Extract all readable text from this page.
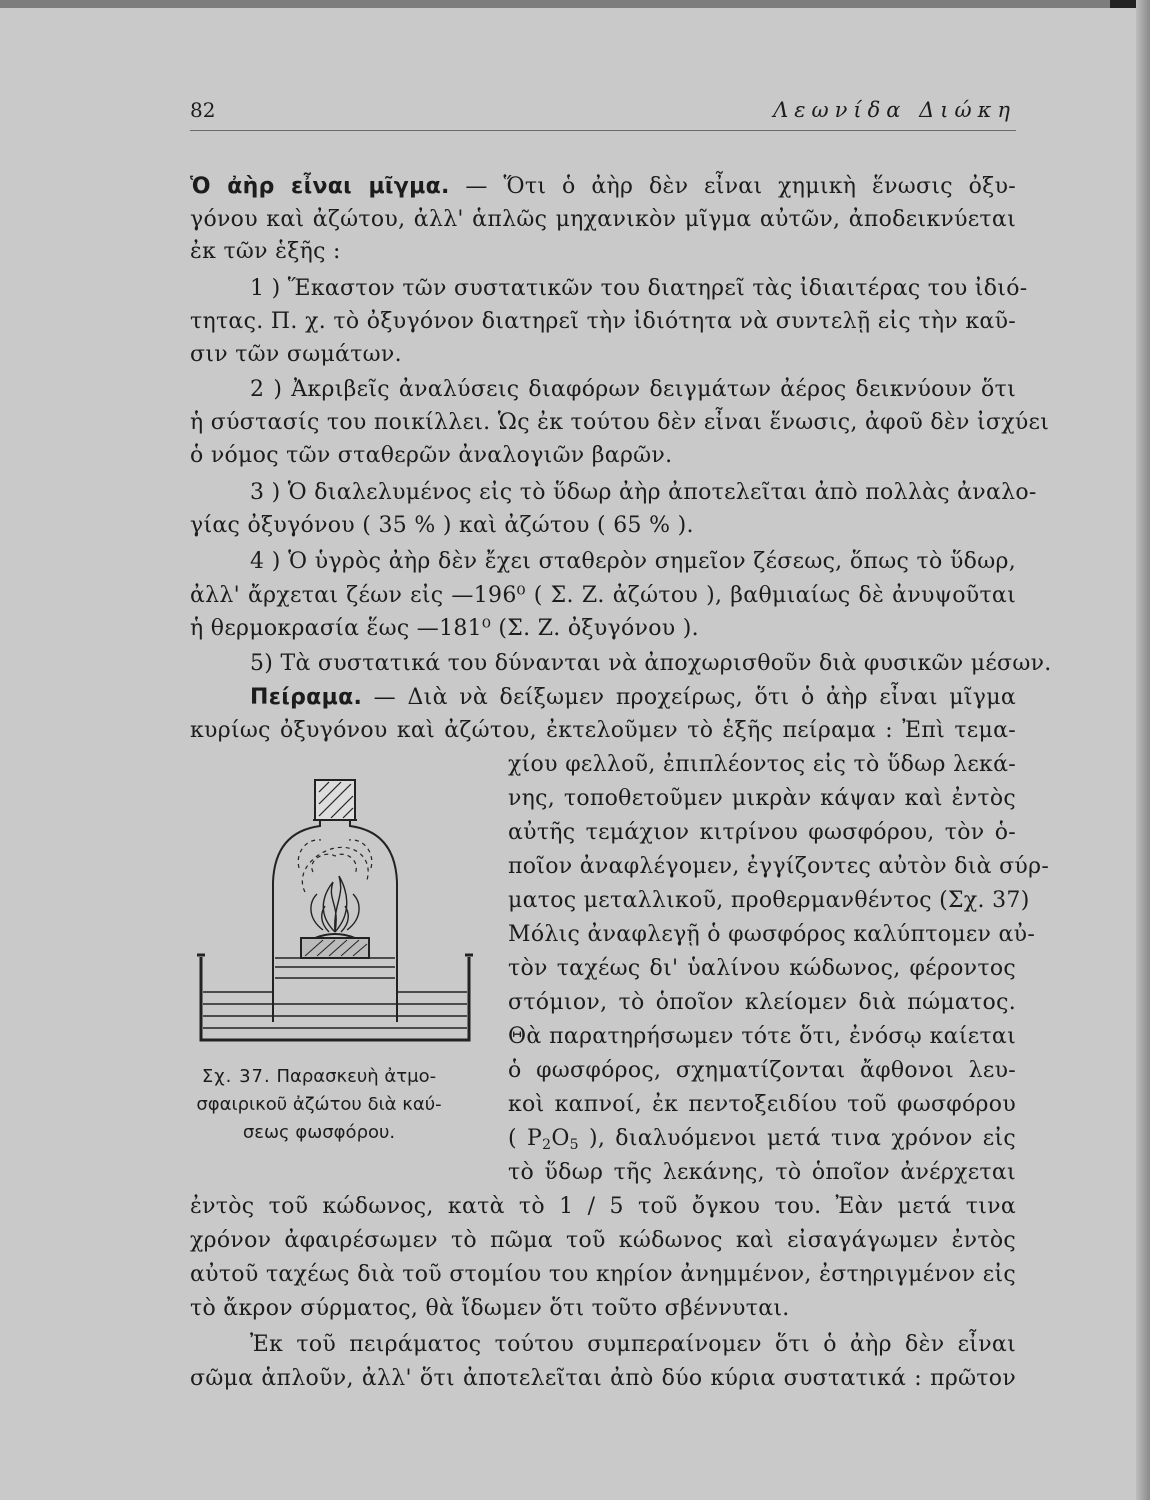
82	Λεωνίδα Διώκη
Ὁ ἀὴρ εἶναι μῖγμα. — Ὅτι ὁ ἀὴρ δὲν εἶναι χημικὴ ἕνωσις ὀξυ-
γόνου καὶ ἀζώτου, ἀλλ' ἁπλῶς μηχανικὸν μῖγμα αὐτῶν, ἀποδεικνύεται
ἐκ τῶν ἑξῆς :
1 ) Ἕκαστον τῶν συστατικῶν του διατηρεῖ τὰς ἰδιαιτέρας του ἰδιό-
τητας. Π. χ. τὸ ὀξυγόνον διατηρεῖ τὴν ἰδιότητα νὰ συντελῇ εἰς τὴν καῦ-
σιν τῶν σωμάτων.
2 ) Ἀκριβεῖς ἀναλύσεις διαφόρων δειγμάτων ἀέρος δεικνύουν ὅτι
ἡ σύστασίς του ποικίλλει. Ὡς ἐκ τούτου δὲν εἶναι ἕνωσις, ἀφοῦ δὲν ἰσχύει
ὁ νόμος τῶν σταθερῶν ἀναλογιῶν βαρῶν.
3 ) Ὁ διαλελυμένος εἰς τὸ ὕδωρ ἀὴρ ἀποτελεῖται ἀπὸ πολλὰς ἀναλο-
γίας ὀξυγόνου ( 35 % ) καὶ ἀζώτου ( 65 % ).
4 ) Ὁ ὑγρὸς ἀὴρ δὲν ἔχει σταθερὸν σημεῖον ζέσεως, ὅπως τὸ ὕδωρ,
ἀλλ' ἄρχεται ζέων εἰς —196⁰ ( Σ. Ζ. ἀζώτου ), βαθμιαίως δὲ ἀνυψοῦται
ἡ θερμοκρασία ἕως —181⁰ (Σ. Ζ. ὀξυγόνου ).
5) Τὰ συστατικά του δύνανται νὰ ἀποχωρισθοῦν διὰ φυσικῶν μέσων.
Πείραμα. — Διὰ νὰ δείξωμεν προχείρως, ὅτι ὁ ἀὴρ εἶναι μῖγμα
κυρίως ὀξυγόνου καὶ ἀζώτου, ἐκτελοῦμεν τὸ ἑξῆς πείραμα : Ἐπὶ τεμα-
χίου φελλοῦ, ἐπιπλέοντος εἰς τὸ ὕδωρ λεκά-
νης, τοποθετοῦμεν μικρὰν κάψαν καὶ ἐντὸς
αὐτῆς τεμάχιον κιτρίνου φωσφόρου, τὸν ὁ-
ποῖον ἀναφλέγομεν, ἐγγίζοντες αὐτὸν διὰ σύρ-
ματος μεταλλικοῦ, προθερμανθέντος (Σχ. 37)
Μόλις ἀναφλεγῇ ὁ φωσφόρος καλύπτομεν αὐ-
τὸν ταχέως δι' ὑαλίνου κώδωνος, φέροντος
στόμιον, τὸ ὁποῖον κλείομεν διὰ πώματος.
Θὰ παρατηρήσωμεν τότε ὅτι, ἐνόσῳ καίεται
ὁ φωσφόρος, σχηματίζονται ἄφθονοι λευ-
κοὶ καπνοί, ἐκ πεντοξειδίου τοῦ φωσφόρου
( $P_2O_5$ ), διαλυόμενοι μετά τινα χρόνον εἰς
τὸ ὕδωρ τῆς λεκάνης, τὸ ὁποῖον ἀνέρχεται
ἐντὸς τοῦ κώδωνος, κατὰ τὸ 1 / 5 τοῦ ὄγκου του. Ἐὰν μετά τινα
χρόνον ἀφαιρέσωμεν τὸ πῶμα τοῦ κώδωνος καὶ εἰσαγάγωμεν ἐντὸς
αὐτοῦ ταχέως διὰ τοῦ στομίου του κηρίον ἀνημμένον, ἐστηριγμένον εἰς
τὸ ἄκρον σύρματος, θὰ ἴδωμεν ὅτι τοῦτο σβέννυται.
Ἐκ τοῦ πειράματος τούτου συμπεραίνομεν ὅτι ὁ ἀὴρ δὲν εἶναι
σῶμα ἁπλοῦν, ἀλλ' ὅτι ἀποτελεῖται ἀπὸ δύο κύρια συστατικά : πρῶτον
Σχ. 37. Παρασκευὴ ἀτμο-
σφαιρικοῦ ἀζώτου διὰ καύ-
σεως φωσφόρου.
